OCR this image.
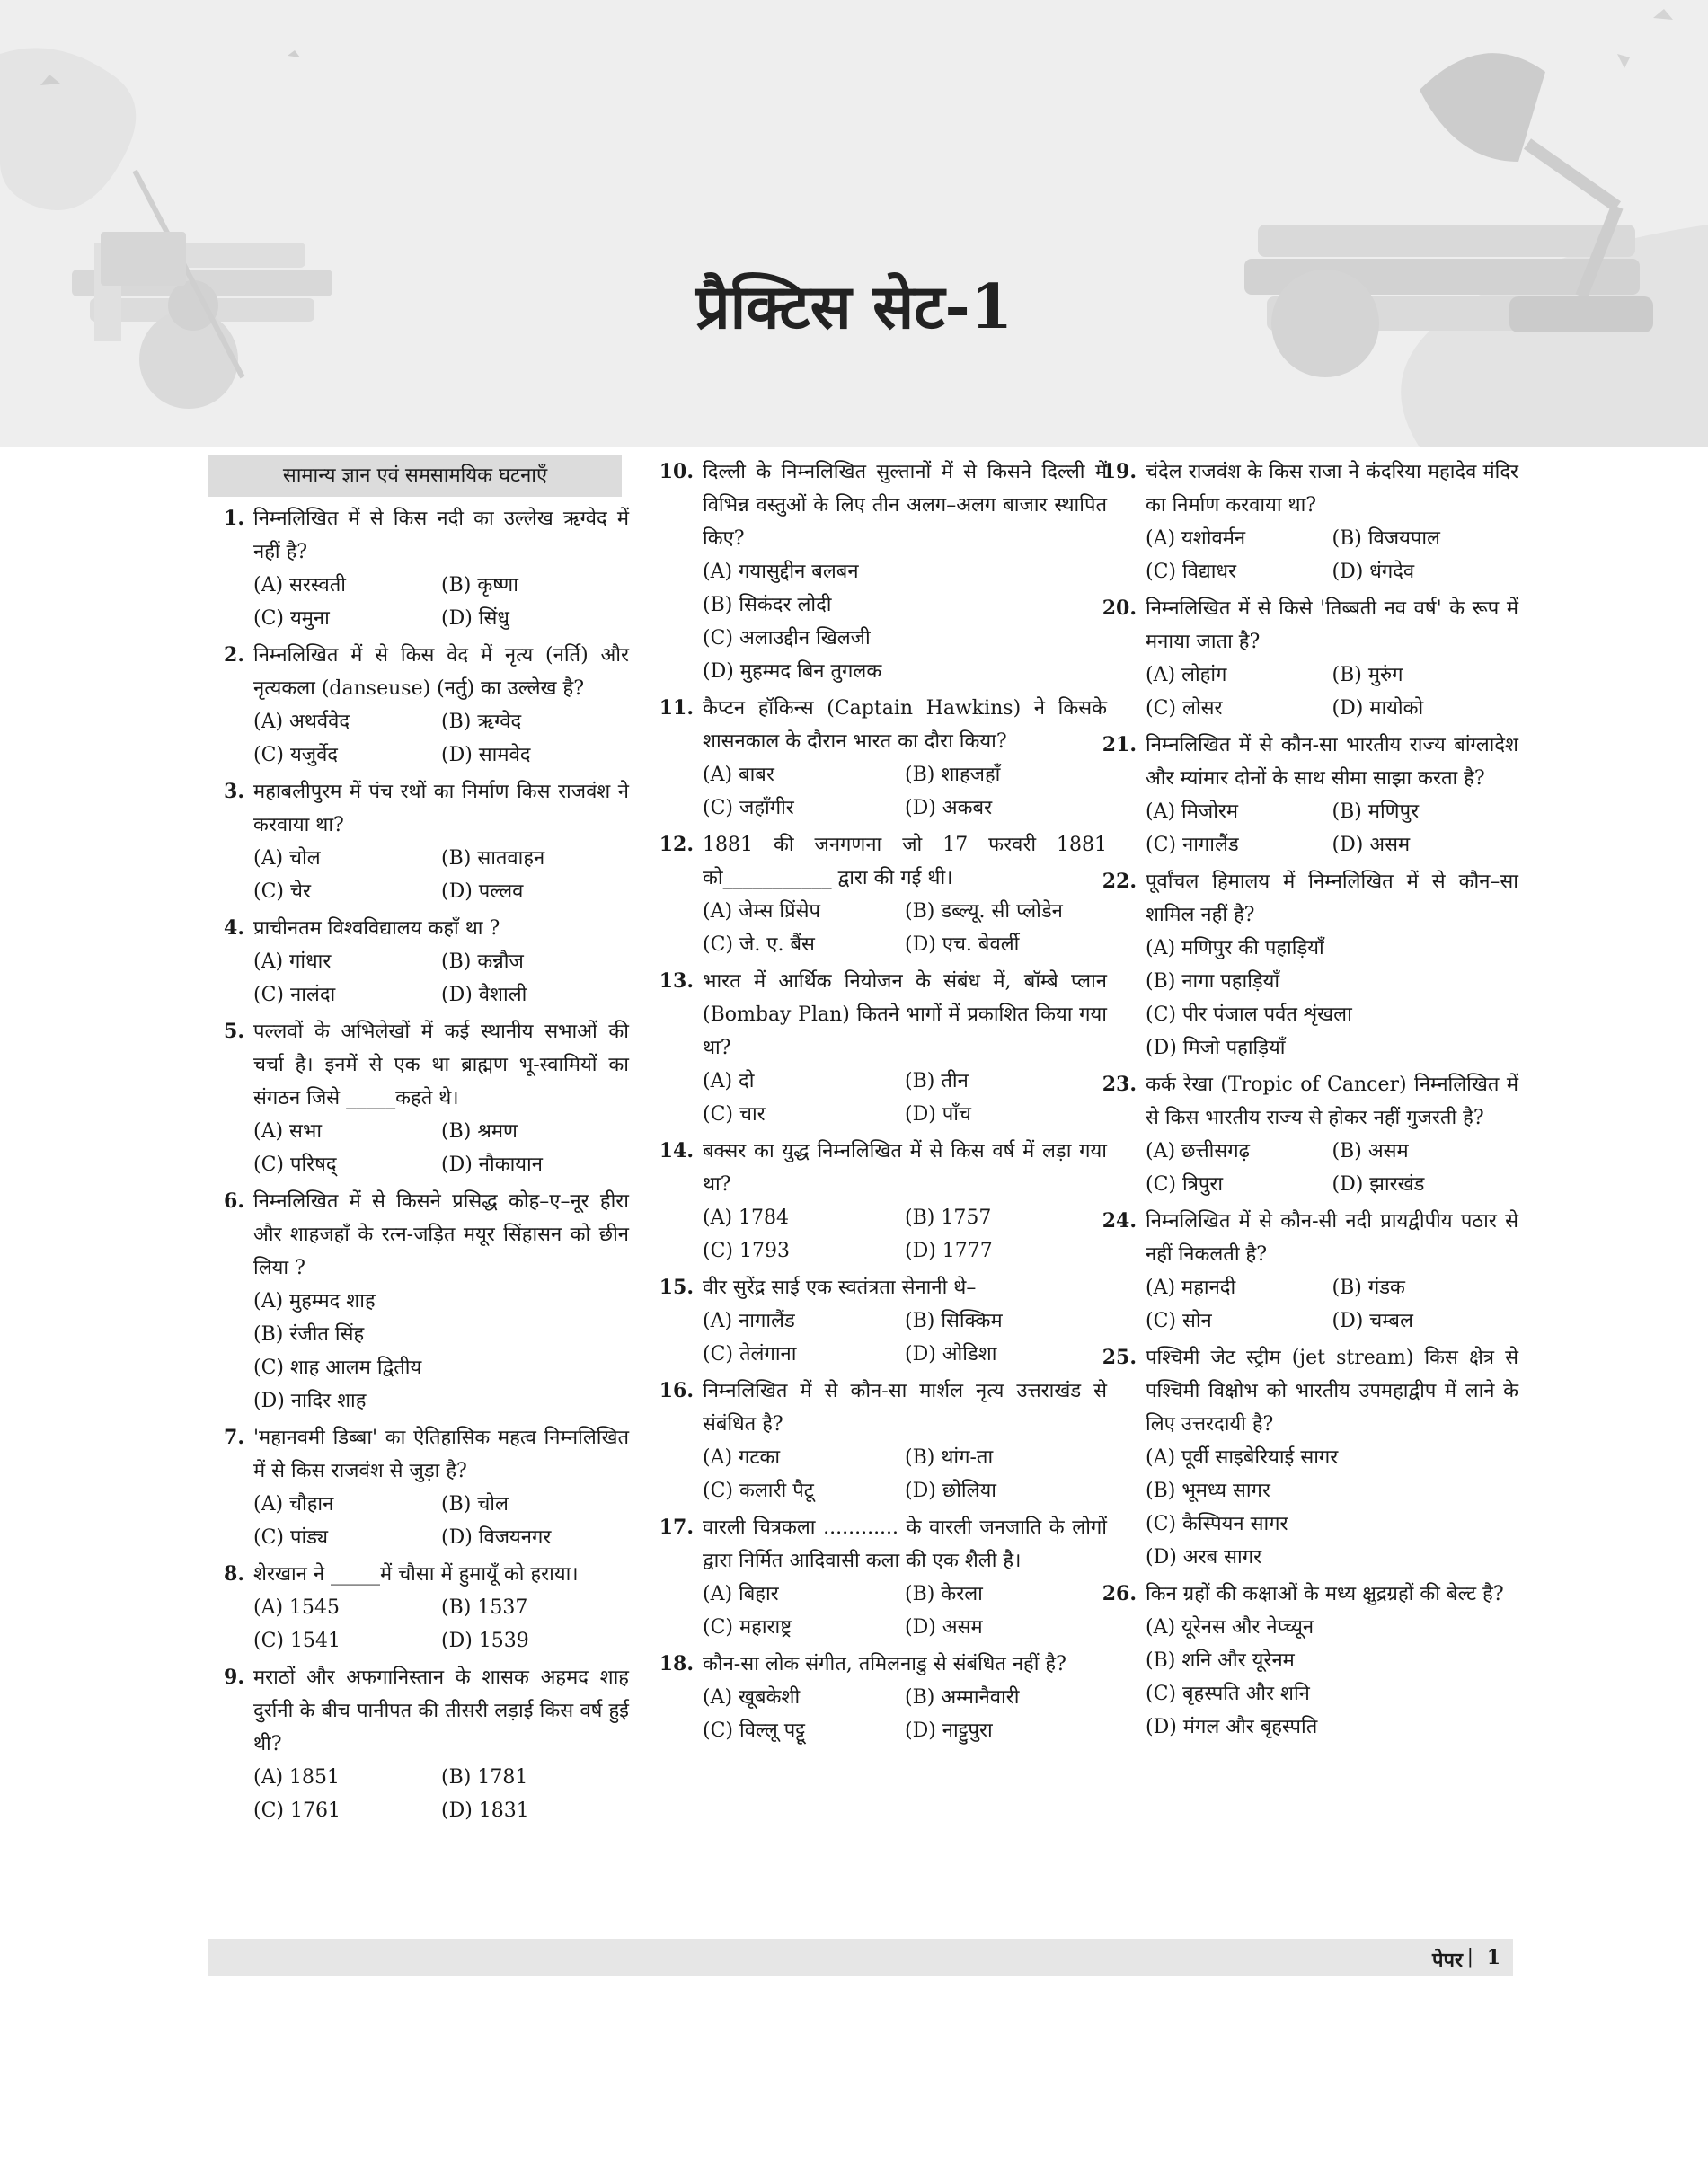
प्रैक्टिस सेट-1
सामान्य ज्ञान एवं समसामयिक घटनाएँ
1. निम्नलिखित में से किस नदी का उल्लेख ऋग्वेद में नहीं है?
(A) सरस्वती	(B) कृष्णा
(C) यमुना	(D) सिंधु
2. निम्नलिखित में से किस वेद में नृत्य (नर्ति) और नृत्यकला (danseuse) (नर्तु) का उल्लेख है?
(A) अथर्ववेद	(B) ऋग्वेद
(C) यजुर्वेद	(D) सामवेद
3. महाबलीपुरम में पंच रथों का निर्माण किस राजवंश ने करवाया था?
(A) चोल	(B) सातवाहन
(C) चेर	(D) पल्लव
4. प्राचीनतम विश्वविद्यालय कहाँ था ?
(A) गांधार	(B) कन्नौज
(C) नालंदा	(D) वैशाली
5. पल्लवों के अभिलेखों में कई स्थानीय सभाओं की चर्चा है। इनमें से एक था ब्राह्मण भू-स्वामियों का संगठन जिसे _____कहते थे।
(A) सभा	(B) श्रमण
(C) परिषद्	(D) नौकायान
6. निम्नलिखित में से किसने प्रसिद्ध कोह–ए–नूर हीरा और शाहजहाँ के रत्न-जड़ित मयूर सिंहासन को छीन लिया ?
(A) मुहम्मद शाह
(B) रंजीत सिंह
(C) शाह आलम द्वितीय
(D) नादिर शाह
7. 'महानवमी डिब्बा' का ऐतिहासिक महत्व निम्नलिखित में से किस राजवंश से जुड़ा है?
(A) चौहान	(B) चोल
(C) पांड्य	(D) विजयनगर
8. शेरखान ने _____में चौसा में हुमायूँ को हराया।
(A) 1545	(B) 1537
(C) 1541	(D) 1539
9. मराठों और अफगानिस्तान के शासक अहमद शाह दुर्रानी के बीच पानीपत की तीसरी लड़ाई किस वर्ष हुई थी?
(A) 1851	(B) 1781
(C) 1761	(D) 1831
10. दिल्ली के निम्नलिखित सुल्तानों में से किसने दिल्ली में विभिन्न वस्तुओं के लिए तीन अलग–अलग बाजार स्थापित किए?
(A) गयासुद्दीन बलबन
(B) सिकंदर लोदी
(C) अलाउद्दीन खिलजी
(D) मुहम्मद बिन तुगलक
11. कैप्टन हॉकिन्स (Captain Hawkins) ने किसके शासनकाल के दौरान भारत का दौरा किया?
(A) बाबर	(B) शाहजहाँ
(C) जहाँगीर	(D) अकबर
12. 1881 की जनगणना जो 17 फरवरी 1881 को___________ द्वारा की गई थी।
(A) जेम्स प्रिंसेप	(B) डब्ल्यू. सी प्लोडेन
(C) जे. ए. बैंस	(D) एच. बेवर्ली
13. भारत में आर्थिक नियोजन के संबंध में, बॉम्बे प्लान (Bombay Plan) कितने भागों में प्रकाशित किया गया था?
(A) दो	(B) तीन
(C) चार	(D) पाँच
14. बक्सर का युद्ध निम्नलिखित में से किस वर्ष में लड़ा गया था?
(A) 1784	(B) 1757
(C) 1793	(D) 1777
15. वीर सुरेंद्र साई एक स्वतंत्रता सेनानी थे–
(A) नागालैंड	(B) सिक्किम
(C) तेलंगाना	(D) ओडिशा
16. निम्नलिखित में से कौन-सा मार्शल नृत्य उत्तराखंड से संबंधित है?
(A) गटका	(B) थांग-ता
(C) कलारी पैटू	(D) छोलिया
17. वारली चित्रकला ............ के वारली जनजाति के लोगों द्वारा निर्मित आदिवासी कला की एक शैली है।
(A) बिहार	(B) केरला
(C) महाराष्ट्र	(D) असम
18. कौन-सा लोक संगीत, तमिलनाडु से संबंधित नहीं है?
(A) खूबकेशी	(B) अम्मानैवारी
(C) विल्लू पट्टू	(D) नाट्टुपुरा
19. चंदेल राजवंश के किस राजा ने कंदरिया महादेव मंदिर का निर्माण करवाया था?
(A) यशोवर्मन	(B) विजयपाल
(C) विद्याधर	(D) धंगदेव
20. निम्नलिखित में से किसे 'तिब्बती नव वर्ष' के रूप में मनाया जाता है?
(A) लोहांग	(B) मुरुंग
(C) लोसर	(D) मायोको
21. निम्नलिखित में से कौन-सा भारतीय राज्य बांग्लादेश और म्यांमार दोनों के साथ सीमा साझा करता है?
(A) मिजोरम	(B) मणिपुर
(C) नागालैंड	(D) असम
22. पूर्वांचल हिमालय में निम्नलिखित में से कौन–सा शामिल नहीं है?
(A) मणिपुर की पहाड़ियाँ
(B) नागा पहाड़ियाँ
(C) पीर पंजाल पर्वत शृंखला
(D) मिजो पहाड़ियाँ
23. कर्क रेखा (Tropic of Cancer) निम्नलिखित में से किस भारतीय राज्य से होकर नहीं गुजरती है?
(A) छत्तीसगढ़	(B) असम
(C) त्रिपुरा	(D) झारखंड
24. निम्नलिखित में से कौन-सी नदी प्रायद्वीपीय पठार से नहीं निकलती है?
(A) महानदी	(B) गंडक
(C) सोन	(D) चम्बल
25. पश्चिमी जेट स्ट्रीम (jet stream) किस क्षेत्र से पश्चिमी विक्षोभ को भारतीय उपमहाद्वीप में लाने के लिए उत्तरदायी है?
(A) पूर्वी साइबेरियाई सागर
(B) भूमध्य सागर
(C) कैस्पियन सागर
(D) अरब सागर
26. किन ग्रहों की कक्षाओं के मध्य क्षुद्रग्रहों की बेल्ट है?
(A) यूरेनस और नेप्च्यून
(B) शनि और यूरेनम
(C) बृहस्पति और शनि
(D) मंगल और बृहस्पति
पेपर | 1
